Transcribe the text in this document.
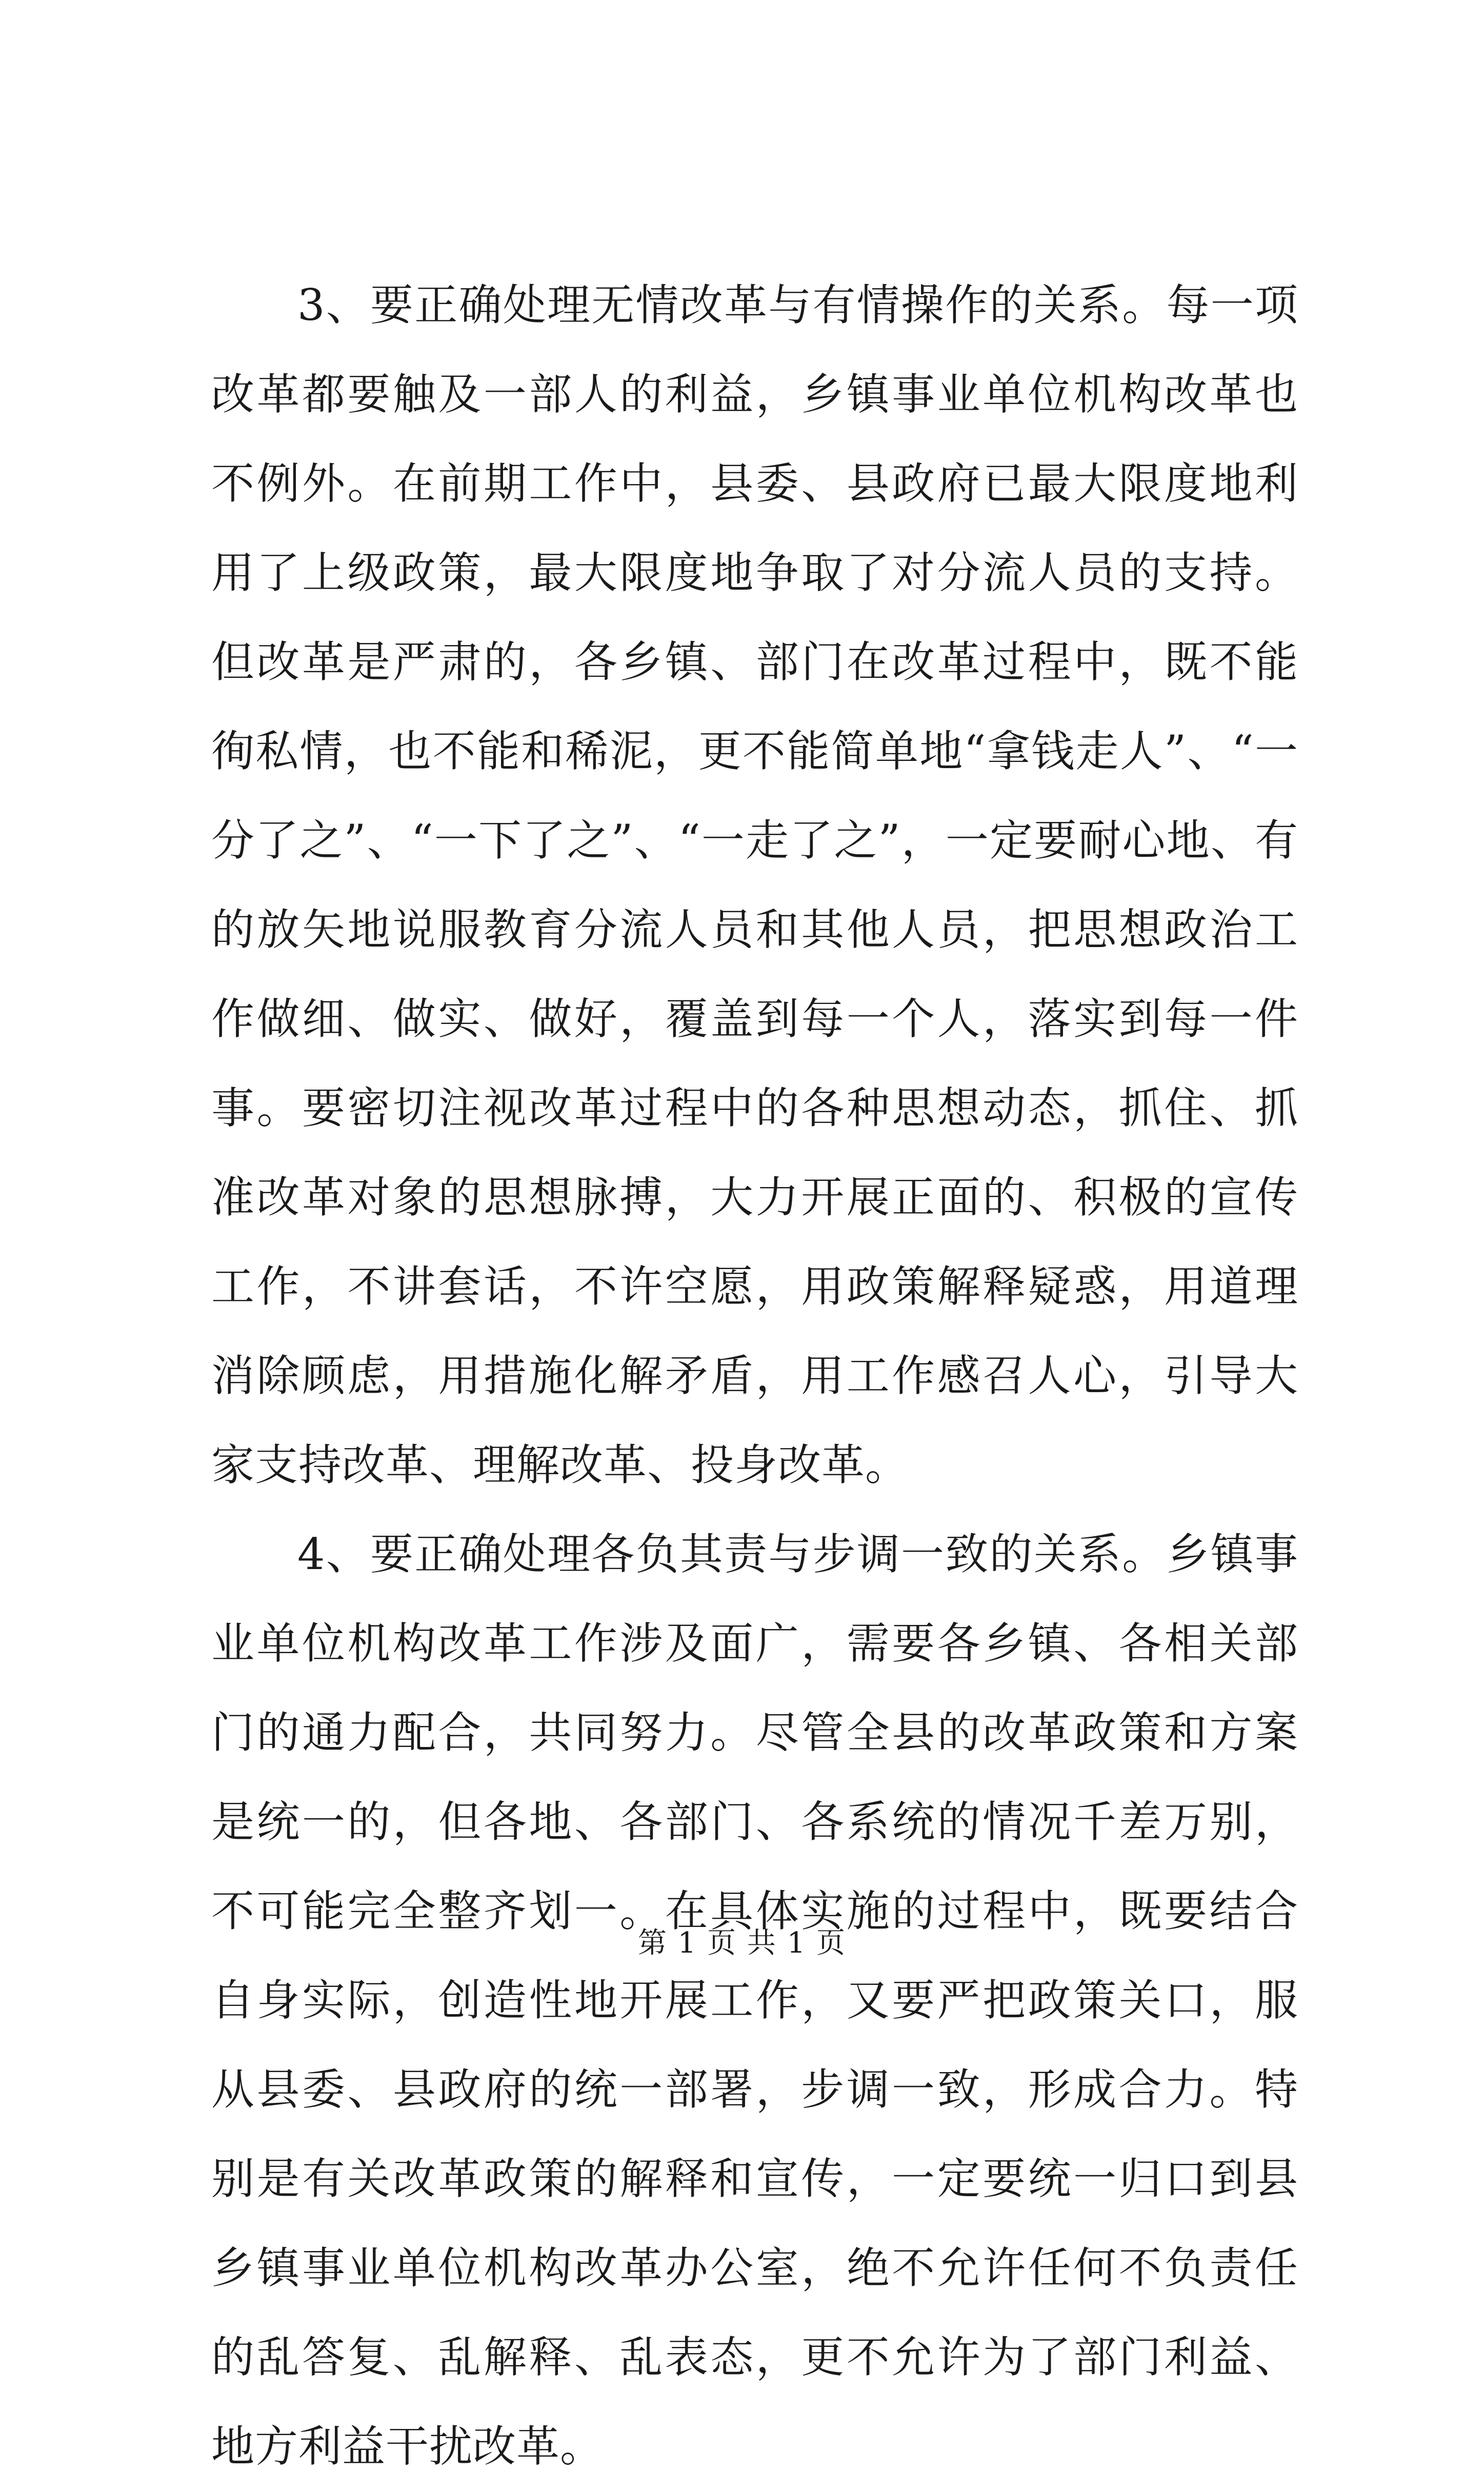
3、要正确处理无情改革与有情操作的关系。每一项改革都要触及一部人的利益，乡镇事业单位机构改革也不例外。在前期工作中，县委、县政府已最大限度地利用了上级政策，最大限度地争取了对分流人员的支持。但改革是严肃的，各乡镇、部门在改革过程中，既不能徇私情，也不能和稀泥，更不能简单地“拿钱走人”、“一分了之”、“一下了之”、“一走了之”，一定要耐心地、有的放矢地说服教育分流人员和其他人员，把思想政治工作做细、做实、做好，覆盖到每一个人，落实到每一件事。要密切注视改革过程中的各种思想动态，抓住、抓准改革对象的思想脉搏，大力开展正面的、积极的宣传工作，不讲套话，不许空愿，用政策解释疑惑，用道理消除顾虑，用措施化解矛盾，用工作感召人心，引导大家支持改革、理解改革、投身改革。

4、要正确处理各负其责与步调一致的关系。乡镇事业单位机构改革工作涉及面广，需要各乡镇、各相关部门的通力配合，共同努力。尽管全县的改革政策和方案是统一的，但各地、各部门、各系统的情况千差万别，不可能完全整齐划一。在具体实施的过程中，既要结合自身实际，创造性地开展工作，又要严把政策关口，服从县委、县政府的统一部署，步调一致，形成合力。特别是有关改革政策的解释和宣传，一定要统一归口到县乡镇事业单位机构改革办公室，绝不允许任何不负责任的乱答复、乱解释、乱表态，更不允许为了部门利益、地方利益干扰改革。

第 1 页 共 1 页
